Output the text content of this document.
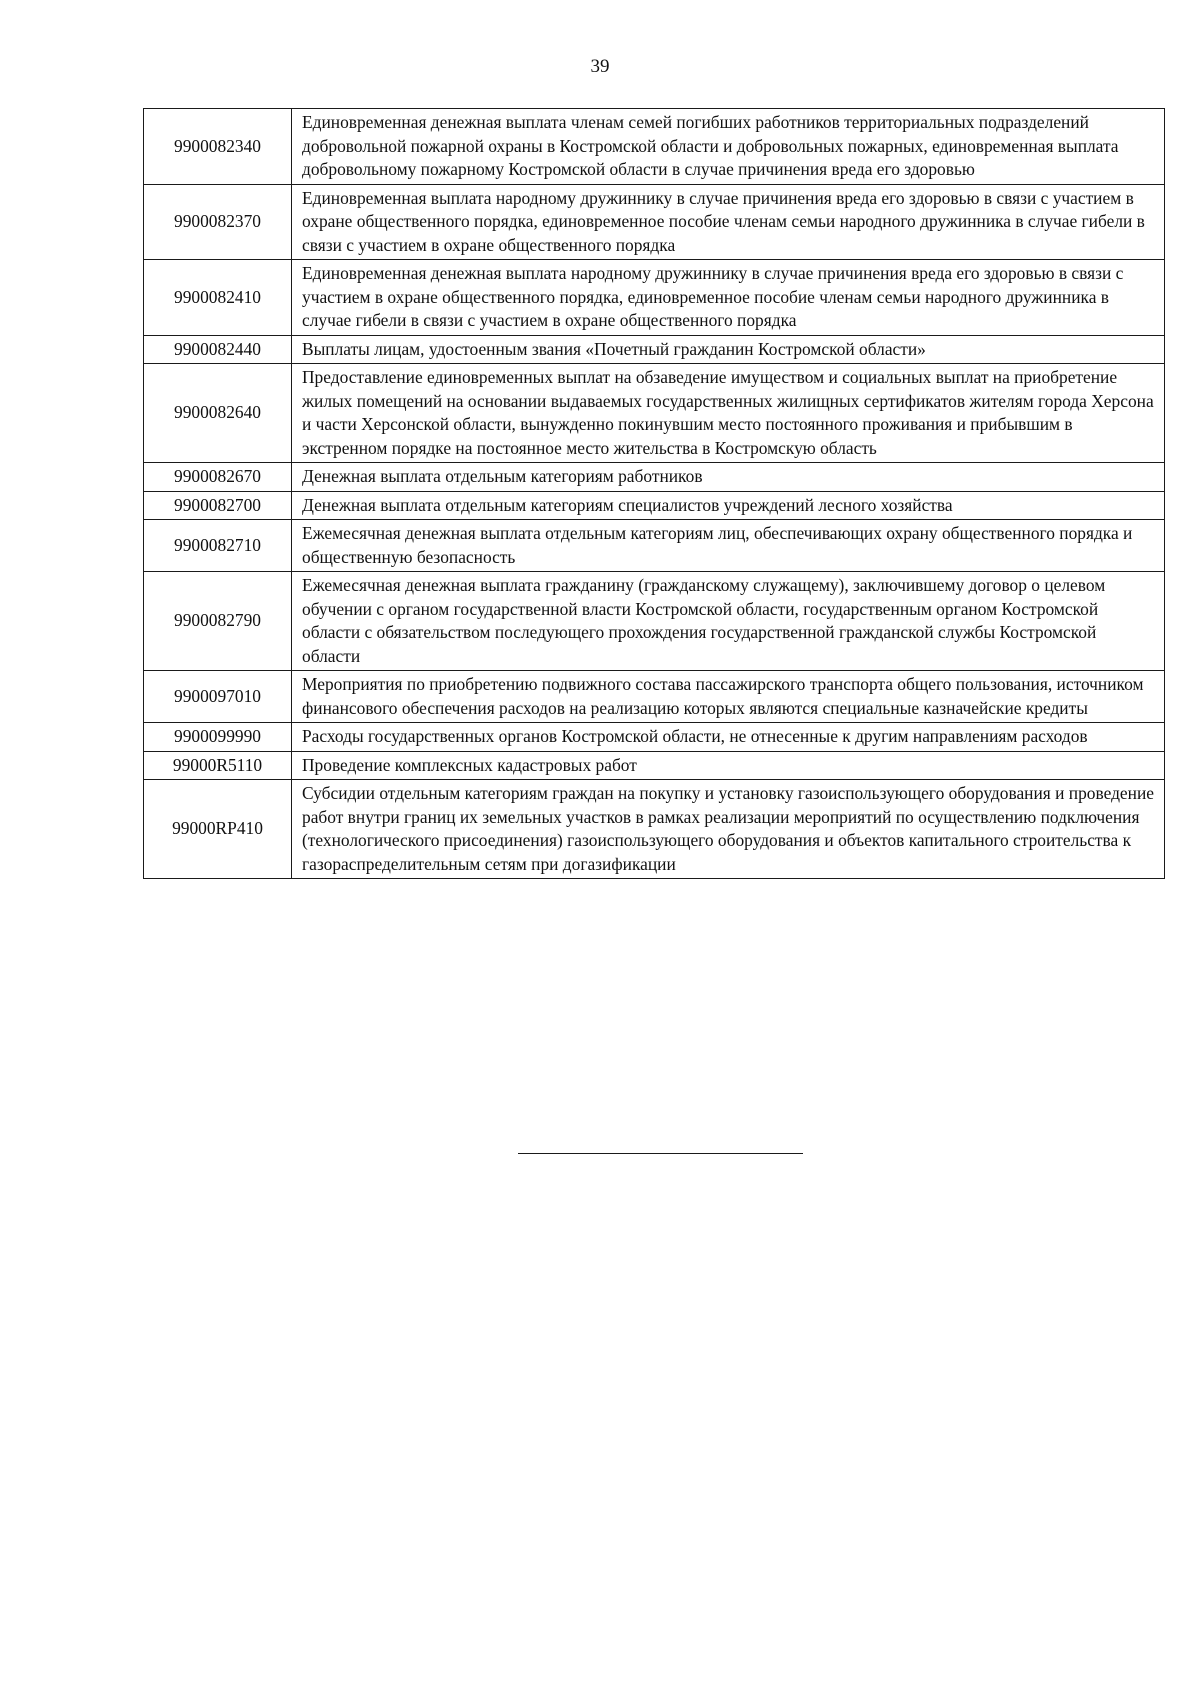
39
9900082340	Единовременная денежная выплата членам семей погибших работников территориальных подразделений добровольной пожарной охраны в Костромской области и добровольных пожарных, единовременная выплата добровольному пожарному Костромской области в случае причинения вреда его здоровью
9900082370	Единовременная выплата народному дружиннику в случае причинения вреда его здоровью в связи с участием в охране общественного порядка, единовременное пособие членам семьи народного дружинника в случае гибели в связи с участием в охране общественного порядка
9900082410	Единовременная денежная выплата народному дружиннику в случае причинения вреда его здоровью в связи с участием в охране общественного порядка, единовременное пособие членам семьи народного дружинника в случае гибели в связи с участием в охране общественного порядка
9900082440	Выплаты лицам, удостоенным звания «Почетный гражданин Костромской области»
9900082640	Предоставление единовременных выплат на обзаведение имуществом и социальных выплат на приобретение жилых помещений на основании выдаваемых государственных жилищных сертификатов жителям города Херсона и части Херсонской области, вынужденно покинувшим место постоянного проживания и прибывшим в экстренном порядке на постоянное место жительства в Костромскую область
9900082670	Денежная выплата отдельным категориям работников
9900082700	Денежная выплата отдельным категориям специалистов учреждений лесного хозяйства
9900082710	Ежемесячная денежная выплата отдельным категориям лиц, обеспечивающих охрану общественного порядка и общественную безопасность
9900082790	Ежемесячная денежная выплата гражданину (гражданскому служащему), заключившему договор о целевом обучении с органом государственной власти Костромской области, государственным органом Костромской области с обязательством последующего прохождения государственной гражданской службы Костромской области
9900097010	Мероприятия по приобретению подвижного состава пассажирского транспорта общего пользования, источником финансового обеспечения расходов на реализацию которых являются специальные казначейские кредиты
9900099990	Расходы государственных органов Костромской области, не отнесенные к другим направлениям расходов
99000R5110	Проведение комплексных кадастровых работ
99000RP410	Субсидии отдельным категориям граждан на покупку и установку газоиспользующего оборудования и проведение работ внутри границ их земельных участков в рамках реализации мероприятий по осуществлению подключения (технологического присоединения) газоиспользующего оборудования и объектов капитального строительства к газораспределительным сетям при догазификации
